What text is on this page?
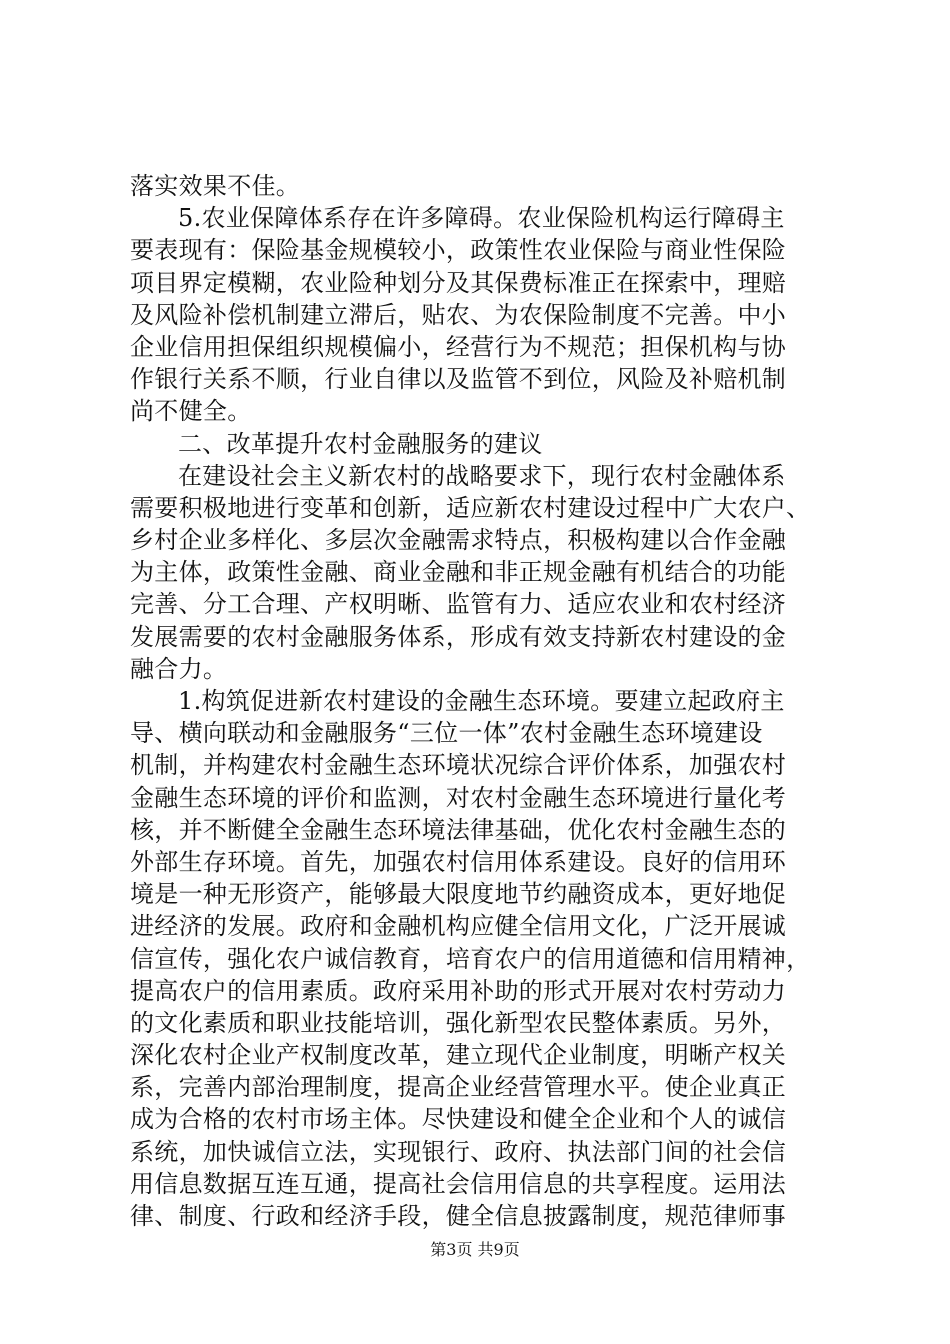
落实效果不佳。
5.农业保障体系存在许多障碍。农业保险机构运行障碍主
要表现有：保险基金规模较小，政策性农业保险与商业性保险
项目界定模糊，农业险种划分及其保费标准正在探索中，理赔
及风险补偿机制建立滞后，贴农、为农保险制度不完善。中小
企业信用担保组织规模偏小，经营行为不规范；担保机构与协
作银行关系不顺，行业自律以及监管不到位，风险及补赔机制
尚不健全。
二、改革提升农村金融服务的建议
在建设社会主义新农村的战略要求下，现行农村金融体系
需要积极地进行变革和创新，适应新农村建设过程中广大农户、
乡村企业多样化、多层次金融需求特点，积极构建以合作金融
为主体，政策性金融、商业金融和非正规金融有机结合的功能
完善、分工合理、产权明晰、监管有力、适应农业和农村经济
发展需要的农村金融服务体系，形成有效支持新农村建设的金
融合力。
1.构筑促进新农村建设的金融生态环境。要建立起政府主
导、横向联动和金融服务“三位一体”农村金融生态环境建设
机制，并构建农村金融生态环境状况综合评价体系，加强农村
金融生态环境的评价和监测，对农村金融生态环境进行量化考
核，并不断健全金融生态环境法律基础，优化农村金融生态的
外部生存环境。首先，加强农村信用体系建设。良好的信用环
境是一种无形资产，能够最大限度地节约融资成本，更好地促
进经济的发展。政府和金融机构应健全信用文化，广泛开展诚
信宣传，强化农户诚信教育，培育农户的信用道德和信用精神，
提高农户的信用素质。政府采用补助的形式开展对农村劳动力
的文化素质和职业技能培训，强化新型农民整体素质。另外，
深化农村企业产权制度改革，建立现代企业制度，明晰产权关
系，完善内部治理制度，提高企业经营管理水平。使企业真正
成为合格的农村市场主体。尽快建设和健全企业和个人的诚信
系统，加快诚信立法，实现银行、政府、执法部门间的社会信
用信息数据互连互通，提高社会信用信息的共享程度。运用法
律、制度、行政和经济手段，健全信息披露制度，规范律师事
第3页 共9页
